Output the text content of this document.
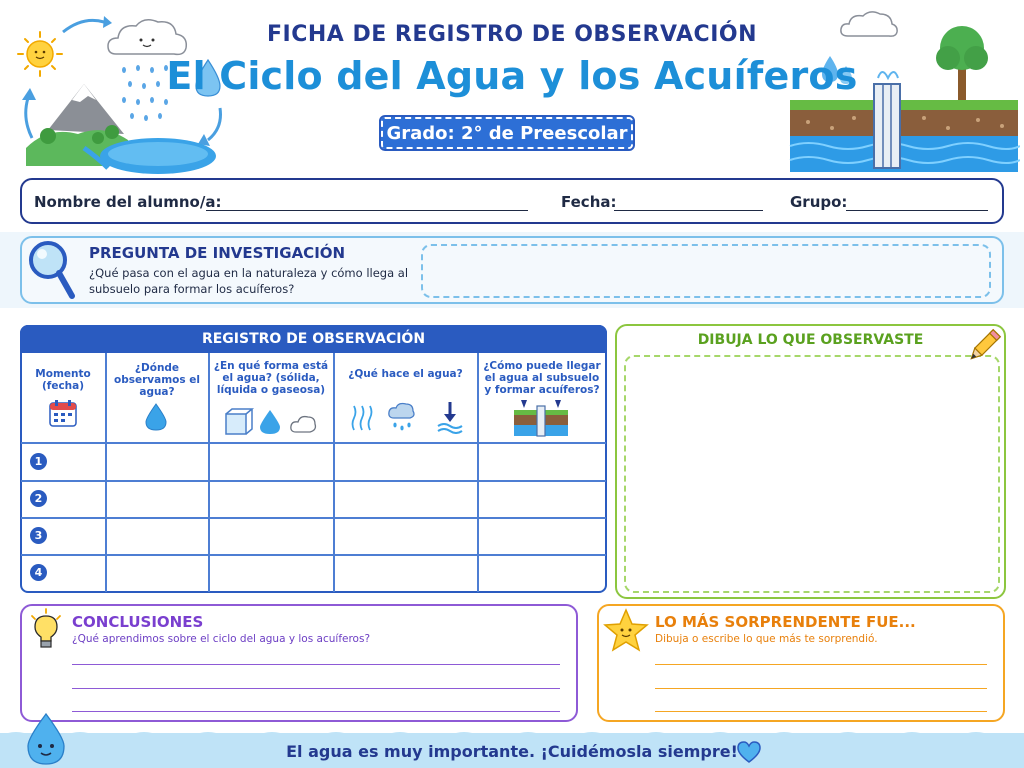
FICHA DE REGISTRO DE OBSERVACIÓN
El Ciclo del Agua y los Acuíferos
Grado: 2° de Preescolar
Nombre del alumno/a:	Fecha:	Grupo:
PREGUNTA DE INVESTIGACIÓN
¿Qué pasa con el agua en la naturaleza y cómo llega al subsuelo para formar los acuíferos?
REGISTRO DE OBSERVACIÓN
Momento (fecha)
¿Dónde observamos el agua?
¿En qué forma está el agua? (sólida, líquida o gaseosa)
¿Qué hace el agua?
¿Cómo puede llegar el agua al subsuelo y formar acuíferos?
1
2
3
4
DIBUJA LO QUE OBSERVASTE
CONCLUSIONES
¿Qué aprendimos sobre el ciclo del agua y los acuíferos?
LO MÁS SORPRENDENTE FUE...
Dibuja o escribe lo que más te sorprendió.
El agua es muy importante. ¡Cuidémosla siempre!
